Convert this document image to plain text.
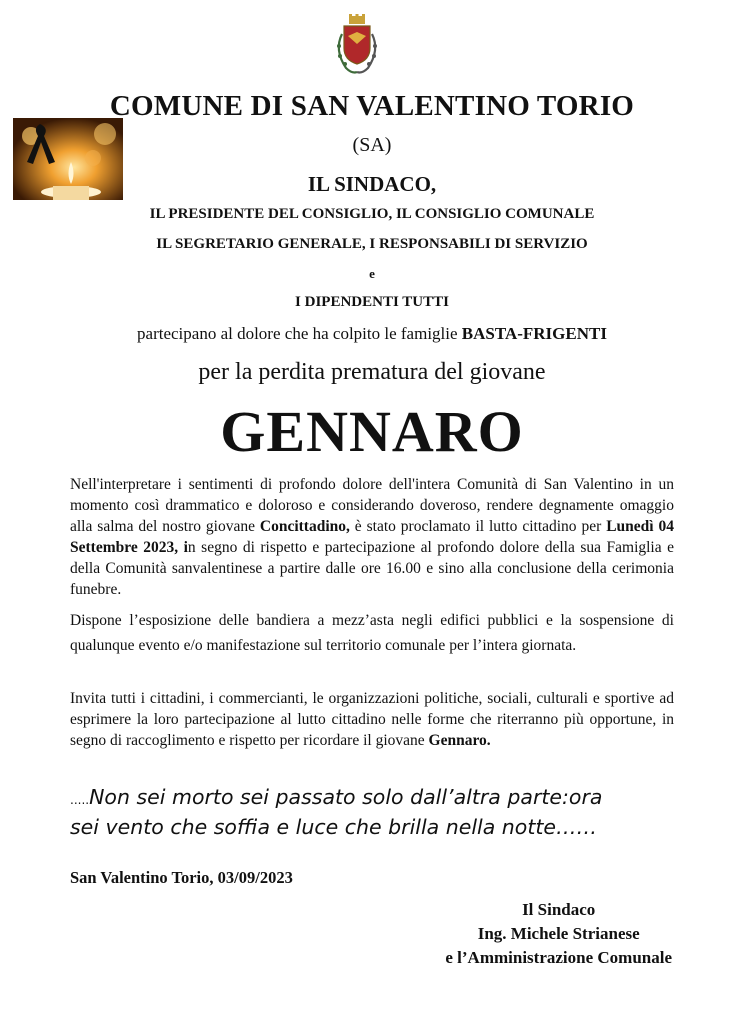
COMUNE DI SAN VALENTINO TORIO
(SA)
IL SINDACO,
IL PRESIDENTE DEL CONSIGLIO, IL CONSIGLIO COMUNALE
IL SEGRETARIO GENERALE, I RESPONSABILI DI SERVIZIO
e
I DIPENDENTI TUTTI
partecipano al dolore che ha colpito le famiglie BASTA-FRIGENTI
per la perdita prematura del giovane
GENNARO
Nell'interpretare i sentimenti di profondo dolore dell'intera Comunità di San Valentino in un momento così drammatico e doloroso e considerando doveroso, rendere degnamente omaggio alla salma del nostro giovane Concittadino, è stato proclamato il lutto cittadino per Lunedì 04 Settembre 2023, in segno di rispetto e partecipazione al profondo dolore della sua Famiglia e della Comunità sanvalentinese a partire dalle ore 16.00 e sino alla conclusione della cerimonia funebre.
Dispone l’esposizione delle bandiera a mezz’asta negli edifici pubblici e la sospensione di qualunque evento e/o manifestazione sul territorio comunale per l’intera giornata.
Invita tutti i cittadini, i commercianti, le organizzazioni politiche, sociali, culturali e sportive ad esprimere la loro partecipazione al lutto cittadino nelle forme che riterranno più opportune, in segno di raccoglimento e rispetto per ricordare il giovane Gennaro.
.....Non sei morto sei passato solo dall’altra parte:ora
sei vento che soffia e luce che brilla nella notte……
San Valentino Torio, 03/09/2023
Il Sindaco
Ing. Michele Strianese
e l’Amministrazione Comunale
